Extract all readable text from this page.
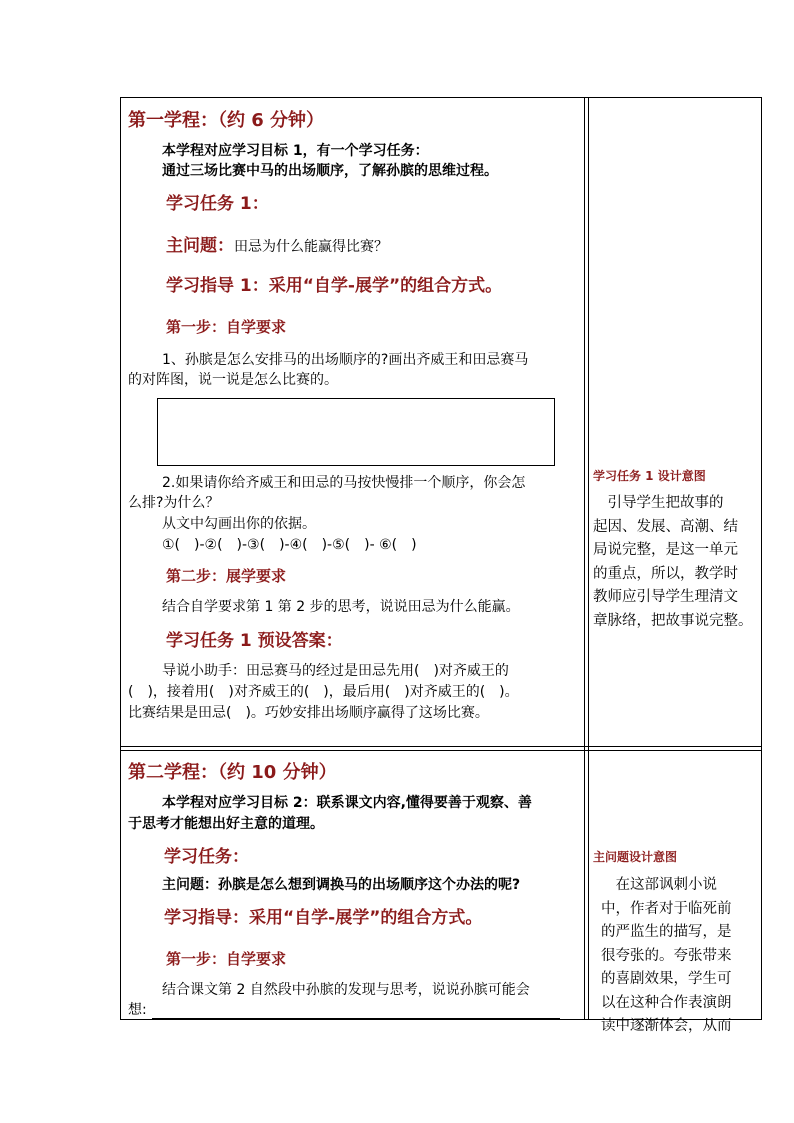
第一学程：（约 6 分钟）
本学程对应学习目标 1，有一个学习任务：
通过三场比赛中马的出场顺序，了解孙膑的思维过程。
学习任务 1：
主问题：田忌为什么能赢得比赛？
学习指导 1：采用“自学-展学”的组合方式。
第一步：自学要求
1、孙膑是怎么安排马的出场顺序的?画出齐威王和田忌赛马
的对阵图，说一说是怎么比赛的。
2.如果请你给齐威王和田忌的马按快慢排一个顺序，你会怎
么排?为什么？
从文中勾画出你的依据。
①(　)-②(　)-③(　)-④(　)-⑤(　)- ⑥(　)
第二步：展学要求
结合自学要求第 1 第 2 步的思考，说说田忌为什么能赢。
学习任务 1 预设答案：
导说小助手：田忌赛马的经过是田忌先用(　)对齐威王的
(　)，接着用(　)对齐威王的(　)，最后用(　)对齐威王的(　)。
比赛结果是田忌(　)。巧妙安排出场顺序赢得了这场比赛。
学习任务 1 设计意图
　引导学生把故事的
起因、发展、高潮、结
局说完整，是这一单元
的重点，所以，教学时
教师应引导学生理清文
章脉络，把故事说完整。
第二学程：（约 10 分钟）
本学程对应学习目标 2：联系课文内容,懂得要善于观察、善
于思考才能想出好主意的道理。
学习任务：
主问题：孙膑是怎么想到调换马的出场顺序这个办法的呢?
学习指导：采用“自学-展学”的组合方式。
第一步：自学要求
结合课文第 2 自然段中孙膑的发现与思考，说说孙膑可能会
想:
主问题设计意图
　在这部讽刺小说
中，作者对于临死前
的严监生的描写，是
很夸张的。夸张带来
的喜剧效果，学生可
以在这种合作表演朗
读中逐渐体会，从而
